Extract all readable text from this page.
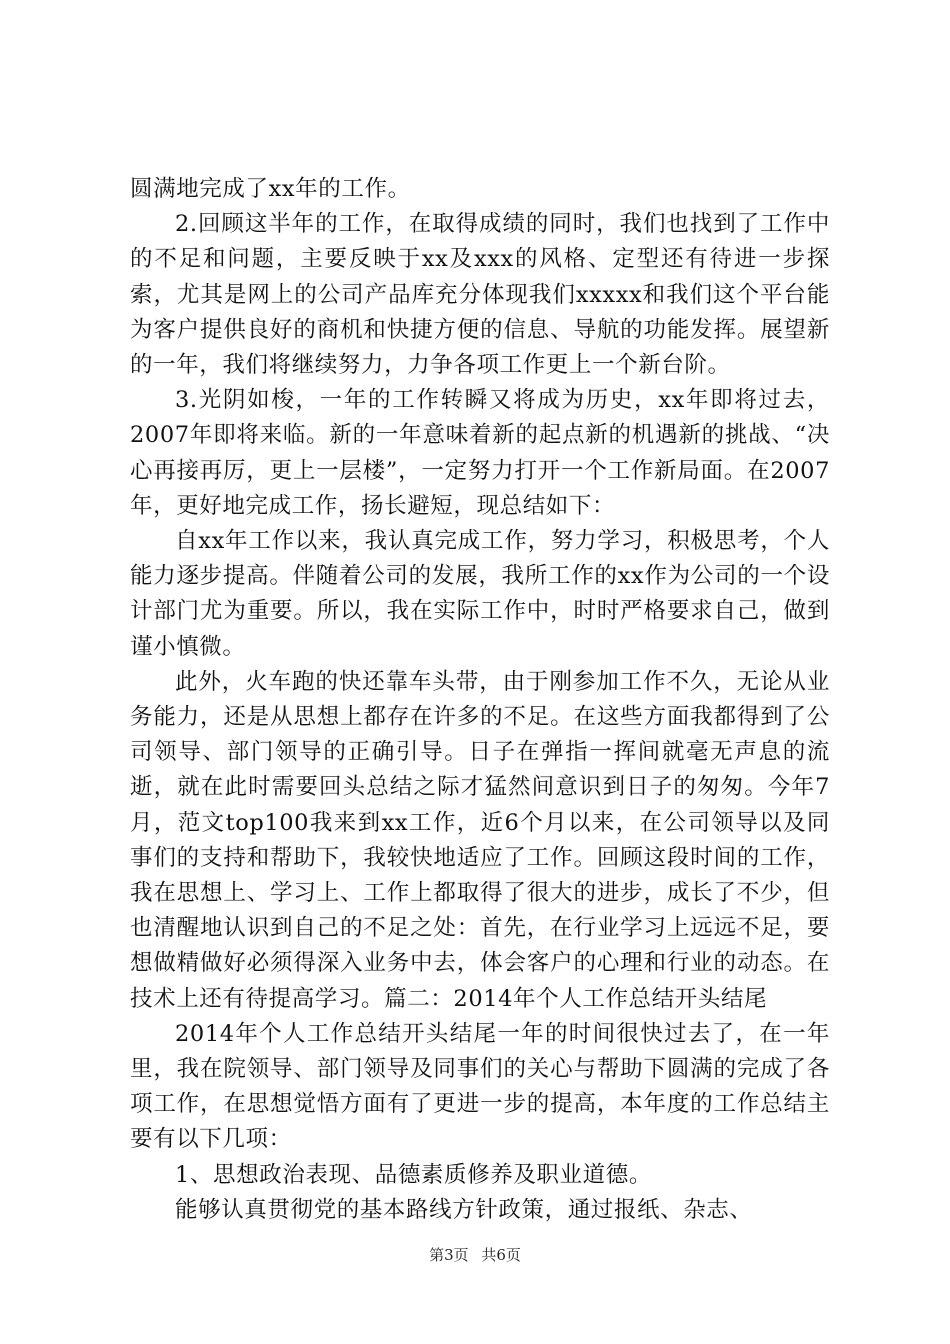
圆满地完成了xx年的工作。

2.回顾这半年的工作，在取得成绩的同时，我们也找到了工作中的不足和问题，主要反映于xx及xxx的风格、定型还有待进一步探索，尤其是网上的公司产品库充分体现我们xxxxx和我们这个平台能为客户提供良好的商机和快捷方便的信息、导航的功能发挥。展望新的一年，我们将继续努力，力争各项工作更上一个新台阶。

3.光阴如梭，一年的工作转瞬又将成为历史，xx年即将过去，2007年即将来临。新的一年意味着新的起点新的机遇新的挑战、“决心再接再厉，更上一层楼”，一定努力打开一个工作新局面。在2007年，更好地完成工作，扬长避短，现总结如下：

自xx年工作以来，我认真完成工作，努力学习，积极思考，个人能力逐步提高。伴随着公司的发展，我所工作的xx作为公司的一个设计部门尤为重要。所以，我在实际工作中，时时严格要求自己，做到谨小慎微。

此外，火车跑的快还靠车头带，由于刚参加工作不久，无论从业务能力，还是从思想上都存在许多的不足。在这些方面我都得到了公司领导、部门领导的正确引导。日子在弹指一挥间就毫无声息的流逝，就在此时需要回头总结之际才猛然间意识到日子的匆匆。今年7月，范文top100我来到xx工作，近6个月以来，在公司领导以及同事们的支持和帮助下，我较快地适应了工作。回顾这段时间的工作，我在思想上、学习上、工作上都取得了很大的进步，成长了不少，但也清醒地认识到自己的不足之处：首先，在行业学习上远远不足，要想做精做好必须得深入业务中去，体会客户的心理和行业的动态。在技术上还有待提高学习。篇二：2014年个人工作总结开头结尾

2014年个人工作总结开头结尾一年的时间很快过去了，在一年里，我在院领导、部门领导及同事们的关心与帮助下圆满的完成了各项工作，在思想觉悟方面有了更进一步的提高，本年度的工作总结主要有以下几项：

1、思想政治表现、品德素质修养及职业道德。

能够认真贯彻党的基本路线方针政策，通过报纸、杂志、

第3页 共6页
